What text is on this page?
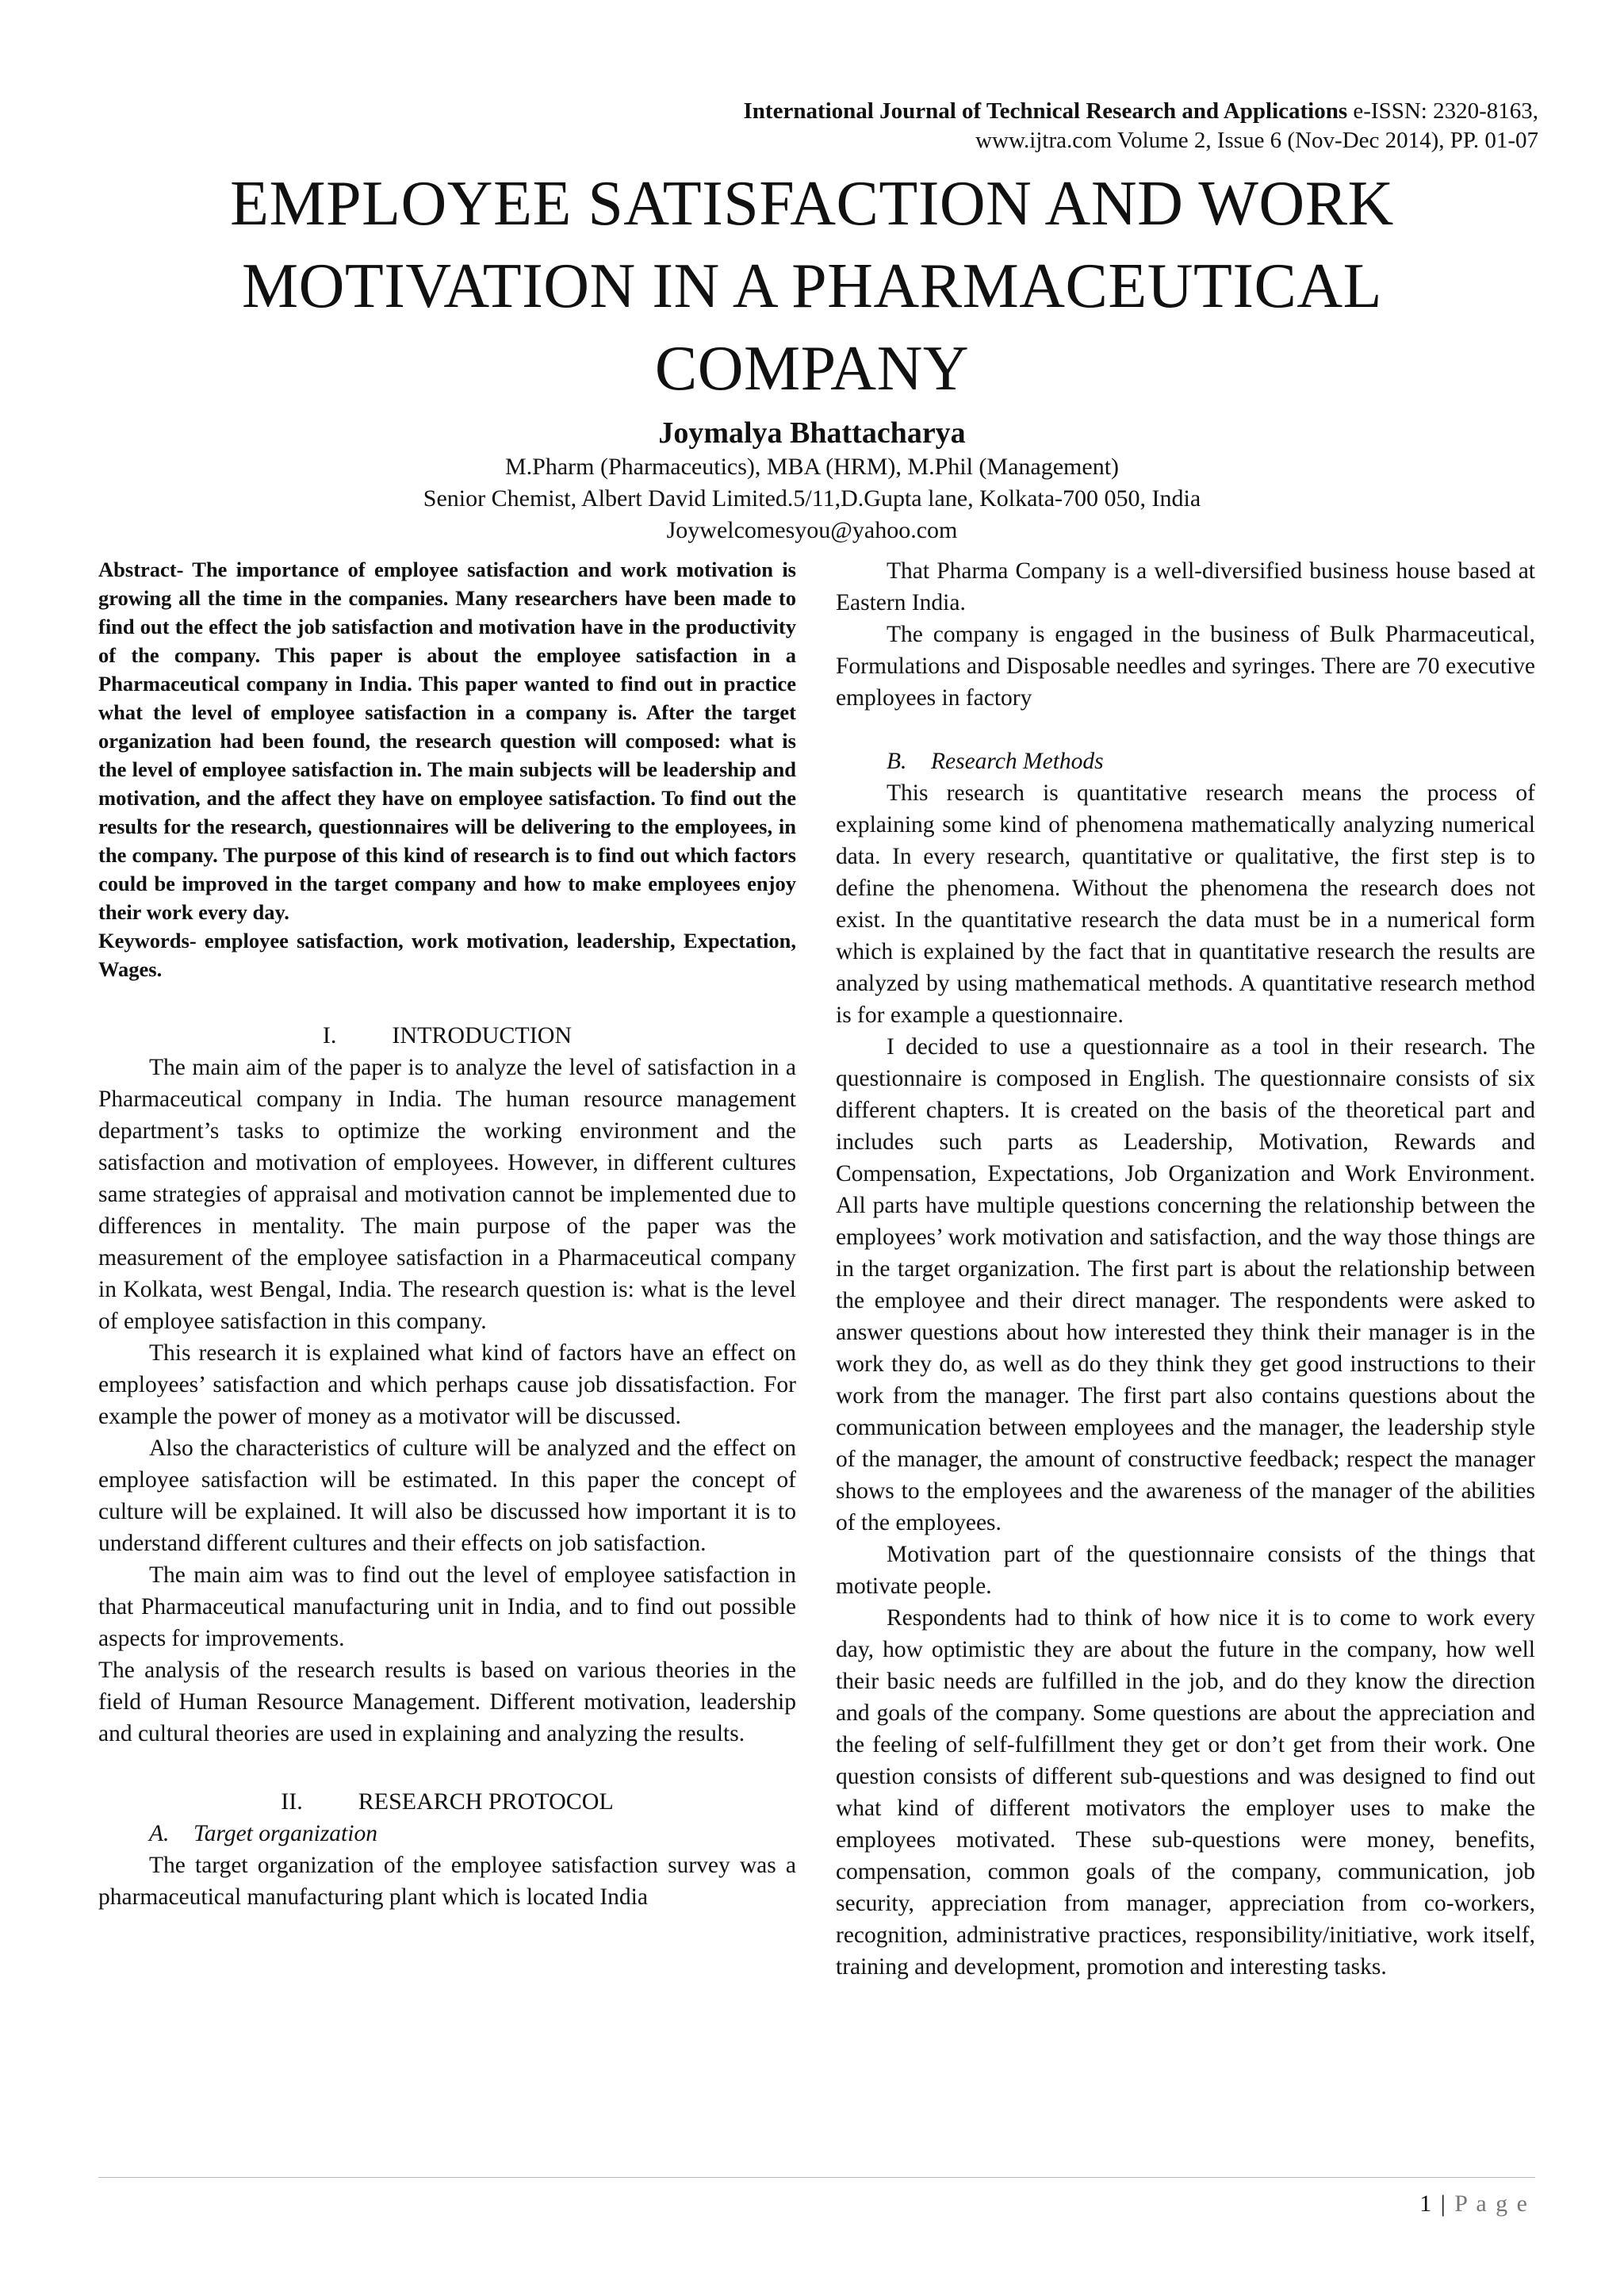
International Journal of Technical Research and Applications e-ISSN: 2320-8163,
www.ijtra.com Volume 2, Issue 6 (Nov-Dec 2014), PP. 01-07
EMPLOYEE SATISFACTION AND WORK
MOTIVATION IN A PHARMACEUTICAL
COMPANY
Joymalya Bhattacharya
M.Pharm (Pharmaceutics), MBA (HRM), M.Phil (Management)
Senior Chemist, Albert David Limited.5/11,D.Gupta lane, Kolkata-700 050, India
Joywelcomesyou@yahoo.com

Abstract- The importance of employee satisfaction and work motivation is growing all the time in the companies. Many researchers have been made to find out the effect the job satisfaction and motivation have in the productivity of the company. This paper is about the employee satisfaction in a Pharmaceutical company in India. This paper wanted to find out in practice what the level of employee satisfaction in a company is. After the target organization had been found, the research question will composed: what is the level of employee satisfaction in. The main subjects will be leadership and motivation, and the affect they have on employee satisfaction. To find out the results for the research, questionnaires will be delivering to the employees, in the company. The purpose of this kind of research is to find out which factors could be improved in the target company and how to make employees enjoy their work every day.

Keywords- employee satisfaction, work motivation, leadership, Expectation, Wages.

I. INTRODUCTION

The main aim of the paper is to analyze the level of satisfaction in a Pharmaceutical company in India. The human resource management department’s tasks to optimize the working environment and the satisfaction and motivation of employees. However, in different cultures same strategies of appraisal and motivation cannot be implemented due to differences in mentality. The main purpose of the paper was the measurement of the employee satisfaction in a Pharmaceutical company in Kolkata, west Bengal, India. The research question is: what is the level of employee satisfaction in this company.

This research it is explained what kind of factors have an effect on employees’ satisfaction and which perhaps cause job dissatisfaction. For example the power of money as a motivator will be discussed.

Also the characteristics of culture will be analyzed and the effect on employee satisfaction will be estimated. In this paper the concept of culture will be explained. It will also be discussed how important it is to understand different cultures and their effects on job satisfaction.

The main aim was to find out the level of employee satisfaction in that Pharmaceutical manufacturing unit in India, and to find out possible aspects for improvements.

The analysis of the research results is based on various theories in the field of Human Resource Management. Different motivation, leadership and cultural theories are used in explaining and analyzing the results.

II. RESEARCH PROTOCOL

A. Target organization

The target organization of the employee satisfaction survey was a pharmaceutical manufacturing plant which is located India

That Pharma Company is a well-diversified business house based at Eastern India.

The company is engaged in the business of Bulk Pharmaceutical, Formulations and Disposable needles and syringes. There are 70 executive employees in factory

B. Research Methods

This research is quantitative research means the process of explaining some kind of phenomena mathematically analyzing numerical data. In every research, quantitative or qualitative, the first step is to define the phenomena. Without the phenomena the research does not exist. In the quantitative research the data must be in a numerical form which is explained by the fact that in quantitative research the results are analyzed by using mathematical methods. A quantitative research method is for example a questionnaire.

I decided to use a questionnaire as a tool in their research. The questionnaire is composed in English. The questionnaire consists of six different chapters. It is created on the basis of the theoretical part and includes such parts as Leadership, Motivation, Rewards and Compensation, Expectations, Job Organization and Work Environment. All parts have multiple questions concerning the relationship between the employees’ work motivation and satisfaction, and the way those things are in the target organization. The first part is about the relationship between the employee and their direct manager. The respondents were asked to answer questions about how interested they think their manager is in the work they do, as well as do they think they get good instructions to their work from the manager. The first part also contains questions about the communication between employees and the manager, the leadership style of the manager, the amount of constructive feedback; respect the manager shows to the employees and the awareness of the manager of the abilities of the employees.

Motivation part of the questionnaire consists of the things that motivate people.

Respondents had to think of how nice it is to come to work every day, how optimistic they are about the future in the company, how well their basic needs are fulfilled in the job, and do they know the direction and goals of the company. Some questions are about the appreciation and the feeling of self-fulfillment they get or don’t get from their work. One question consists of different sub-questions and was designed to find out what kind of different motivators the employer uses to make the employees motivated. These sub-questions were money, benefits, compensation, common goals of the company, communication, job security, appreciation from manager, appreciation from co-workers, recognition, administrative practices, responsibility/initiative, work itself, training and development, promotion and interesting tasks.

1 | P a g e
